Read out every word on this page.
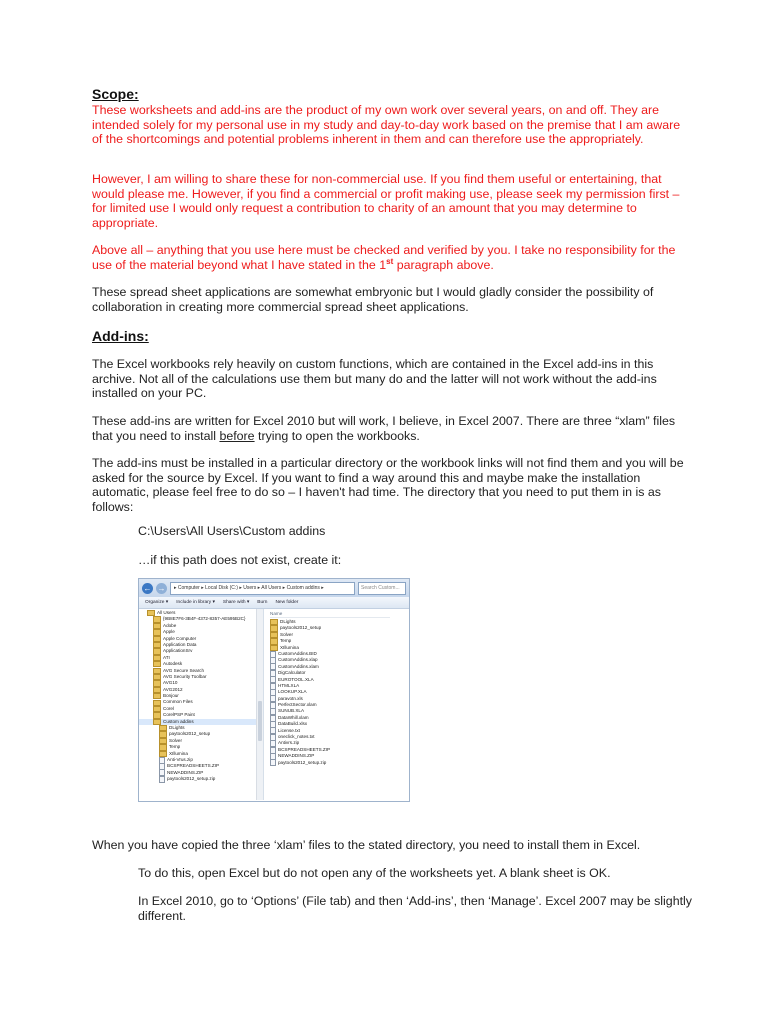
Scope:

These worksheets and add-ins are the product of my own work over several years, on and off. They are intended solely for my personal use in my study and day-to-day work based on the premise that I am aware of the shortcomings and potential problems inherent in them and can therefore use the appropriately.

However, I am willing to share these for non-commercial use. If you find them useful or entertaining, that would please me. However, if you find a commercial or profit making use, please seek my permission first – for limited use I would only request a contribution to charity of an amount that you may determine to appropriate.

Above all – anything that you use here must be checked and verified by you. I take no responsibility for the use of the material beyond what I have stated in the 1st paragraph above.

These spread sheet applications are somewhat embryonic but I would gladly consider the possibility of collaboration in creating more commercial spread sheet applications.

Add-ins:

The Excel workbooks rely heavily on custom functions, which are contained in the Excel add-ins in this archive. Not all of the calculations use them but many do and the latter will not work without the add-ins installed on your PC.

These add-ins are written for Excel 2010 but will work, I believe, in Excel 2007. There are three “xlam” files that you need to install before trying to open the workbooks.

The add-ins must be installed in a particular directory or the workbook links will not find them and you will be asked for the source by Excel. If you want to find a way around this and maybe make the installation automatic, please feel free to do so – I haven't had time. The directory that you need to put them in is as follows:

C:\Users\All Users\Custom addins

…if this path does not exist, create it:

← →	▸ Computer ▸ Local Disk (C:) ▸ Users ▸ All Users ▸ Custom addins ▸	Search Custom...
Organize ▾ Include in library ▾ Share with ▾ Burn New folder
All Users
{9B8E7F6-3B4F-4372-8357-AE595B2C}
Adobe
Apple
Apple Computer
Application Data
ApplicationSrv
ATI
Autodesk
AVG Secure Search
AVG Security Toolbar
AVG10
AVG2012
Bonjour
Common Files
Corel
CorelPSP Paint
Custom addins
DLights
paytools2012_setup
Solver
Temp
XIllumina
Anti-Vrus.zip
BCSPREADSHEETS.ZIP
NEWADDINS.ZIP
paytools2012_setup.zip
Name
DLights
paytools2012_setup
Solver
Temp
XIllumina
CustomAddins.BID
CustomAddins.xlap
CustomAddins.xlam
DigCalculator
EUROTOOL.XLA
HTMLXLA
LOOKUP.XLA
paravotn.xls
PerfectSector.xlam
SUNUB.XLA
DataWhill.xlam
DataBuild.xlsx
License.txt
oneclick_notes.txt
Antivrs.zip
BCSPREADSHEETS.ZIP
NEWADDINS.ZIP
paytools2012_setup.zip

When you have copied the three ‘xlam’ files to the stated directory, you need to install them in Excel.

To do this, open Excel but do not open any of the worksheets yet. A blank sheet is OK.

In Excel 2010, go to ‘Options’ (File tab) and then ‘Add-ins’, then ‘Manage’. Excel 2007 may be slightly different.
